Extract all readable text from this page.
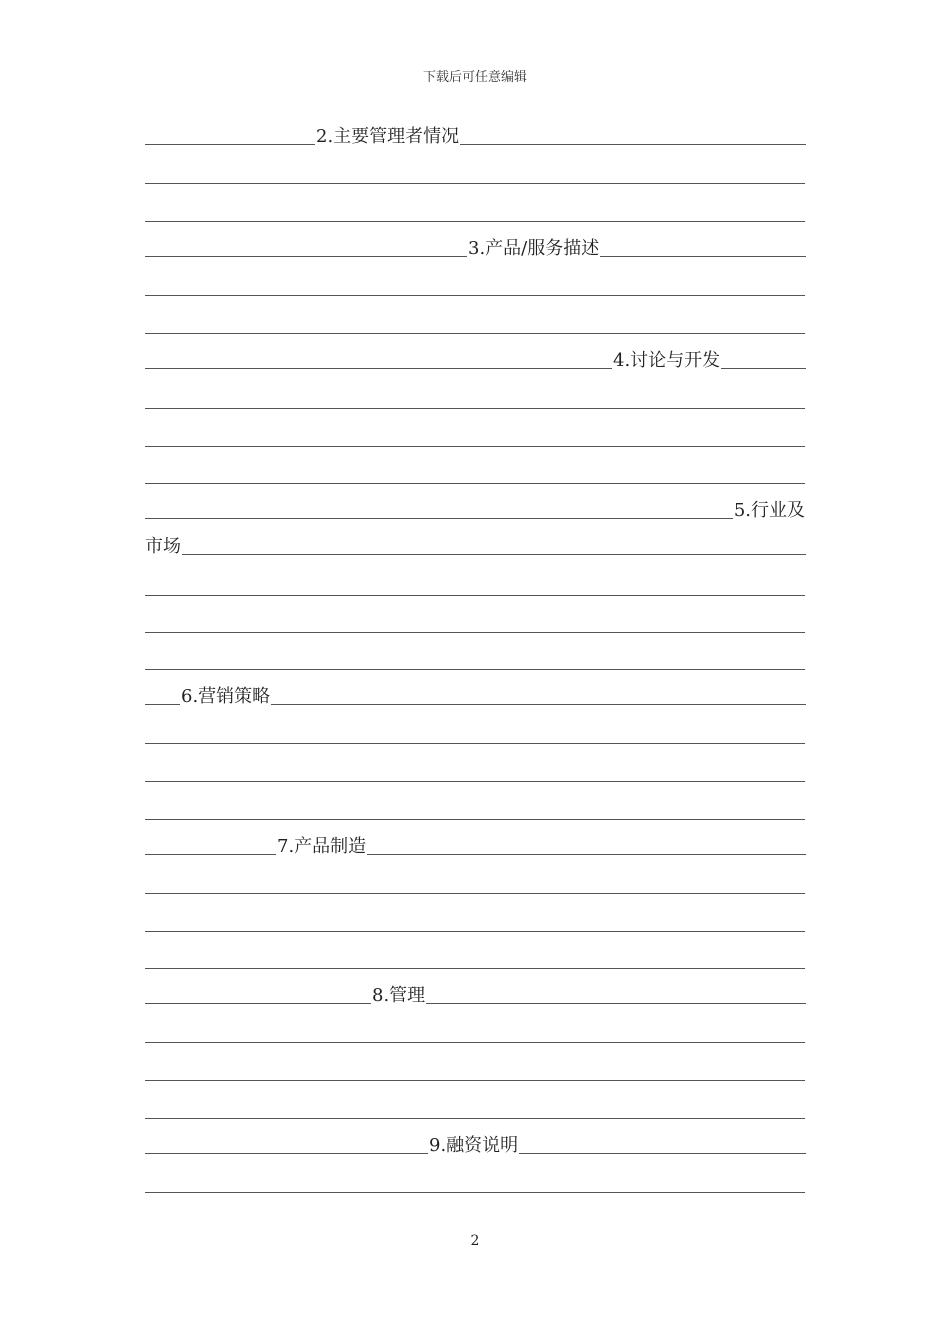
下载后可任意编辑
2.主要管理者情况
3.产品/服务描述
4.讨论与开发
5.行业及
市场
6.营销策略
7.产品制造
8.管理
9.融资说明
2
